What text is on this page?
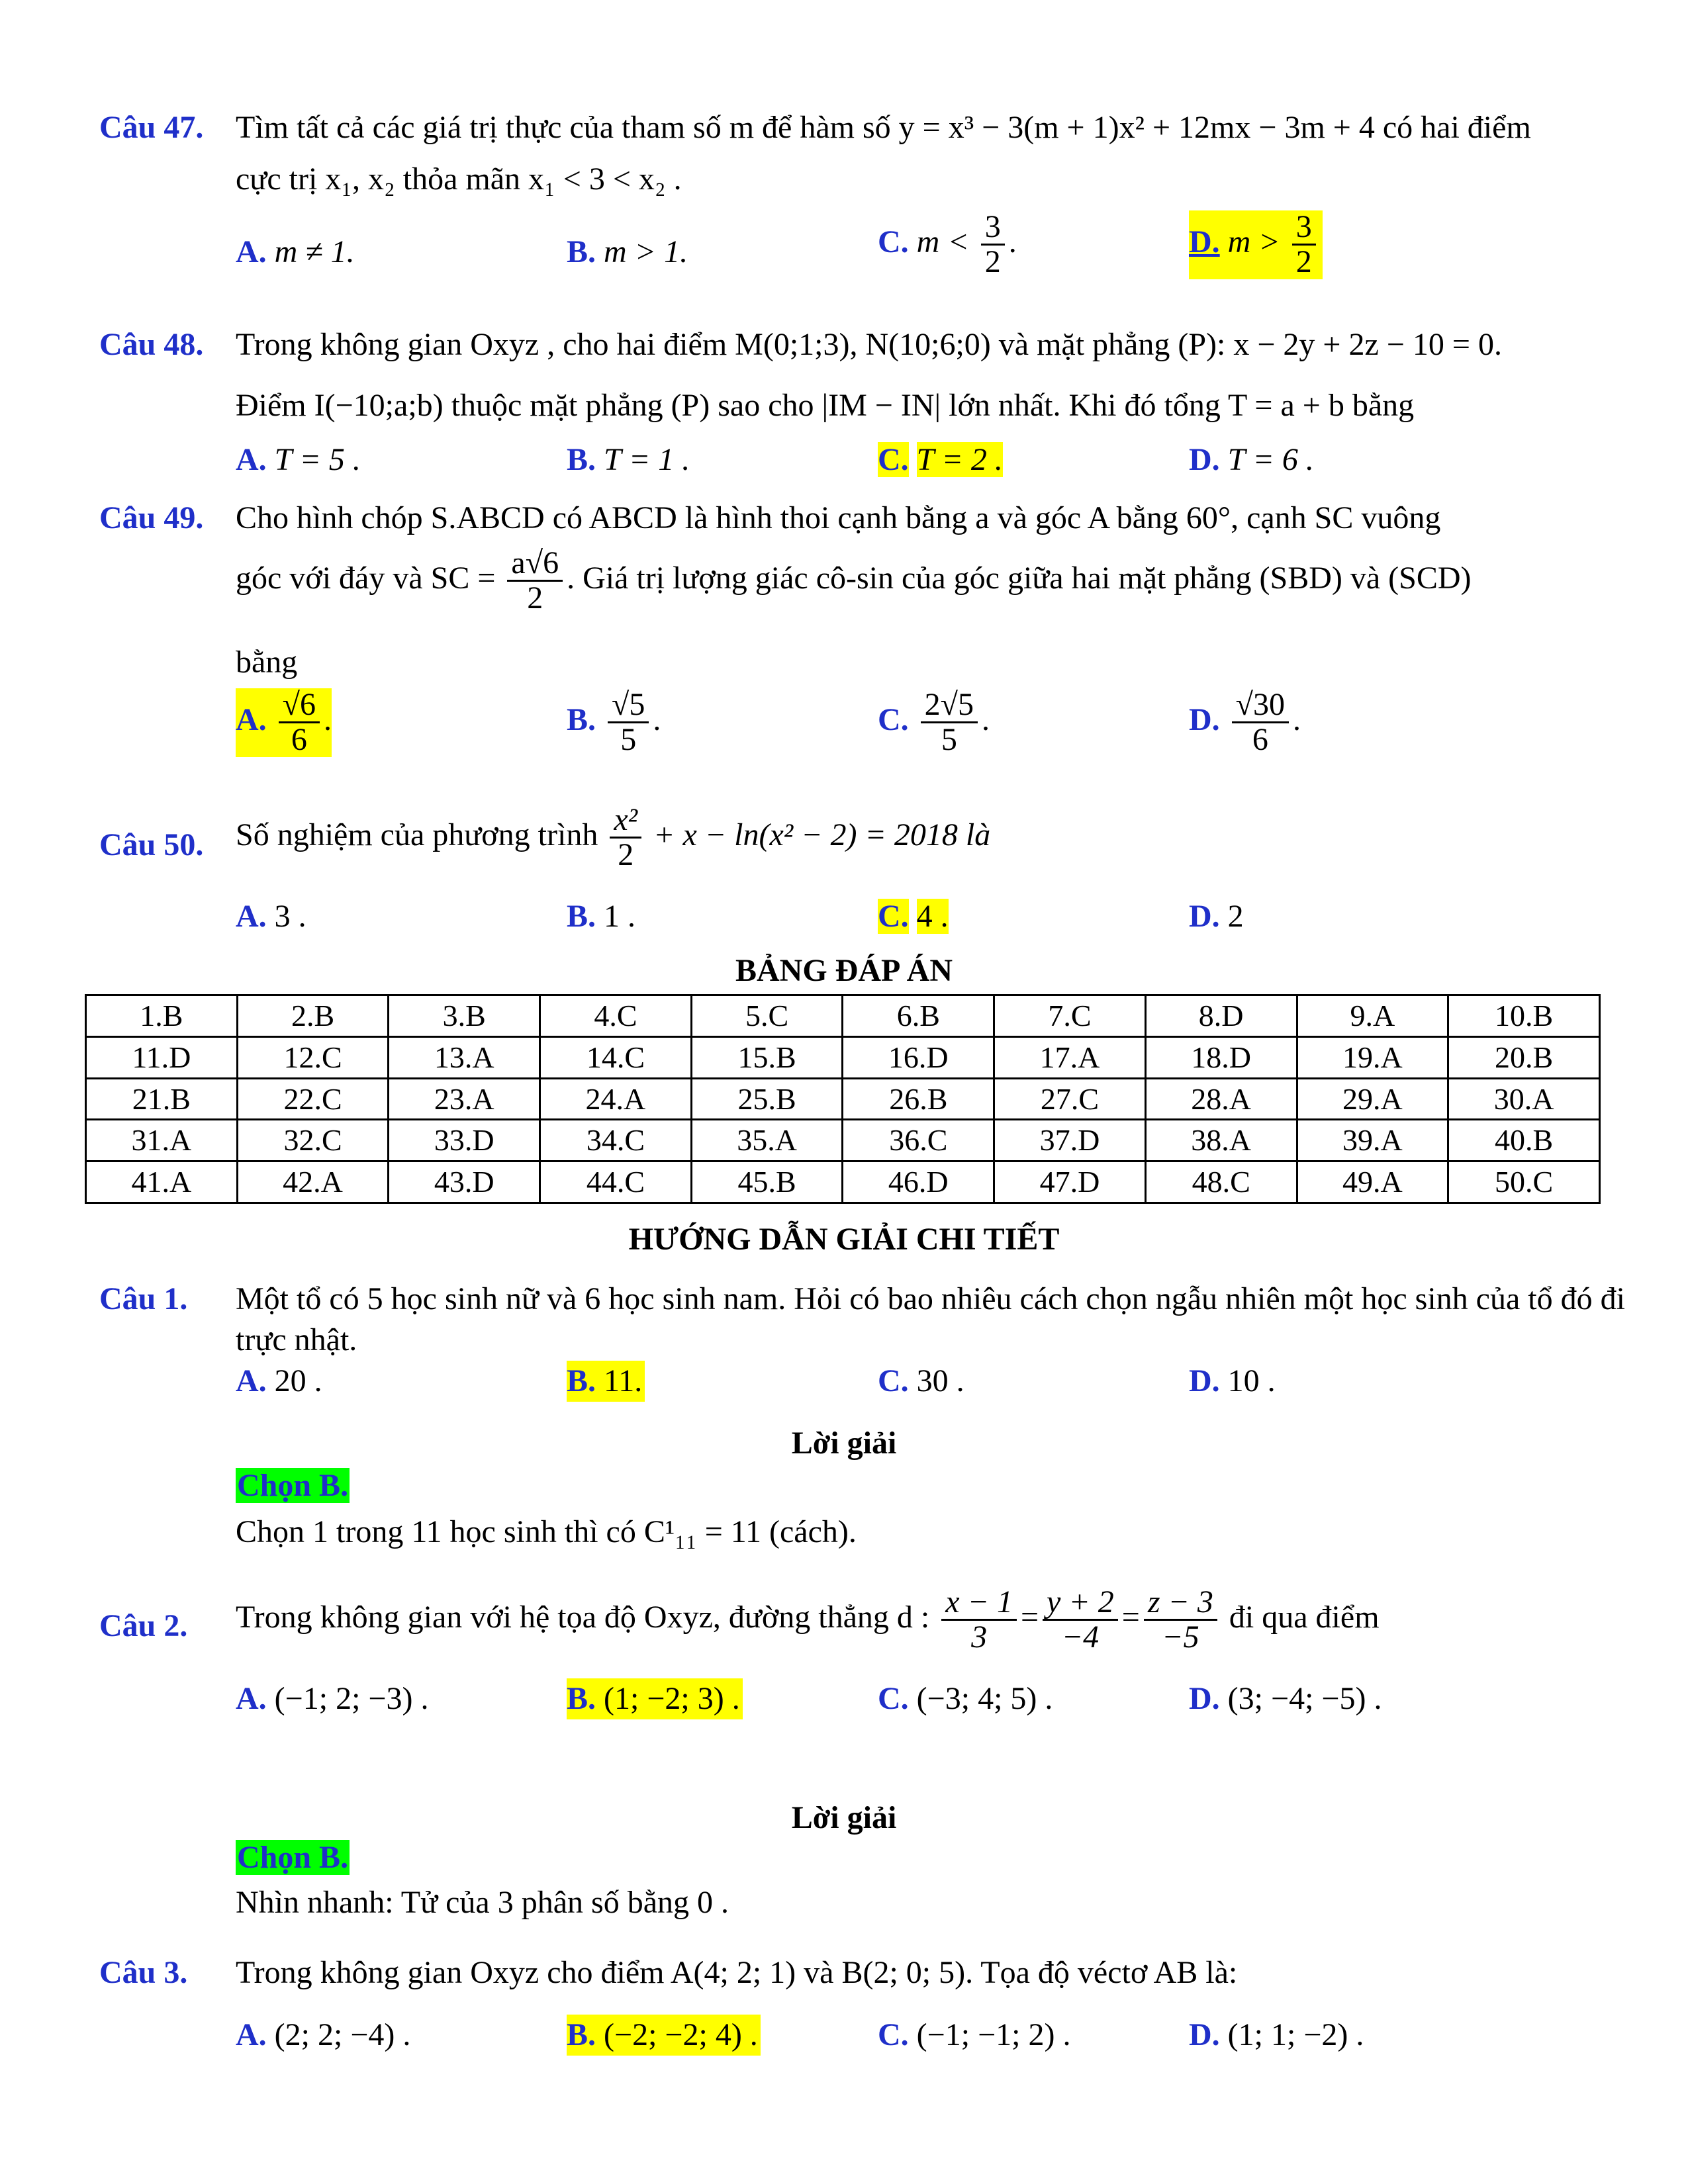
Câu 47. Tìm tất cả các giá trị thực của tham số m để hàm số y = x³ − 3(m + 1)x² + 12mx − 3m + 4 có hai điểm
cực trị x₁, x₂ thỏa mãn x₁ < 3 < x₂ .
A. m ≠ 1.	B. m > 1.	C. $m < \frac{3}{2}$ .	D. $m > \frac{3}{2}$
Câu 48. Trong không gian Oxyz , cho hai điểm M(0;1;3), N(10;6;0) và mặt phẳng (P): x − 2y + 2z − 10 = 0.
Điểm I(−10;a;b) thuộc mặt phẳng (P) sao cho |IM − IN| lớn nhất. Khi đó tổng T = a + b bằng
A. T = 5 .	B. T = 1 .	C. T = 2 .	D. T = 6 .
Câu 49. Cho hình chóp S.ABCD có ABCD là hình thoi cạnh bằng a và góc A bằng 60°, cạnh SC vuông
góc với đáy và SC = $\frac{a√6}{2}$ . Giá trị lượng giác cô-sin của góc giữa hai mặt phẳng (SBD) và (SCD)
bằng
A. $\frac{√6}{6}$ .	B. $\frac{√5}{5}$ .	C. $\frac{2√5}{5}$ .	D. $\frac{√30}{6}$ .
Câu 50. Số nghiệm của phương trình $\frac{\text{x²}}{2} + x - \ln(x^2 - 2) = 2018$ là
A. 3 .	B. 1 .	C. 4 .	D. 2
BẢNG ĐÁP ÁN
1.B	2.B	3.B	4.C	5.C	6.B	7.C	8.D	9.A	10.B
11.D	12.C	13.A	14.C	15.B	16.D	17.A	18.D	19.A	20.B
21.B	22.C	23.A	24.A	25.B	26.B	27.C	28.A	29.A	30.A
31.A	32.C	33.D	34.C	35.A	36.C	37.D	38.A	39.A	40.B
41.A	42.A	43.D	44.C	45.B	46.D	47.D	48.C	49.A	50.C
HƯỚNG DẪN GIẢI CHI TIẾT
Câu 1. Một tổ có 5 học sinh nữ và 6 học sinh nam. Hỏi có bao nhiêu cách chọn ngẫu nhiên một học sinh của tổ đó đi
trực nhật.
A. 20 .	B. 11.	C. 30 .	D. 10 .
Lời giải
Chọn B.
Chọn 1 trong 11 học sinh thì có C¹₁₁ = 11 (cách).
Câu 2. Trong không gian với hệ tọa độ Oxyz, đường thẳng d : $\frac{x - 1}{3} = \frac{y + 2}{-4} = \frac{z - 3}{-5}$ đi qua điểm
A. (−1; 2; −3) .	B. (1; −2; 3) .	C. (−3; 4; 5) .	D. (3; −4; −5) .
Lời giải
Chọn B.
Nhìn nhanh: Tử của 3 phân số bằng 0 .
Câu 3. Trong không gian Oxyz cho điểm A(4; 2; 1) và B(2; 0; 5). Tọa độ véctơ AB là:
A. (2; 2; −4) .	B. (−2; −2; 4) .	C. (−1; −1; 2) .	D. (1; 1; −2) .
